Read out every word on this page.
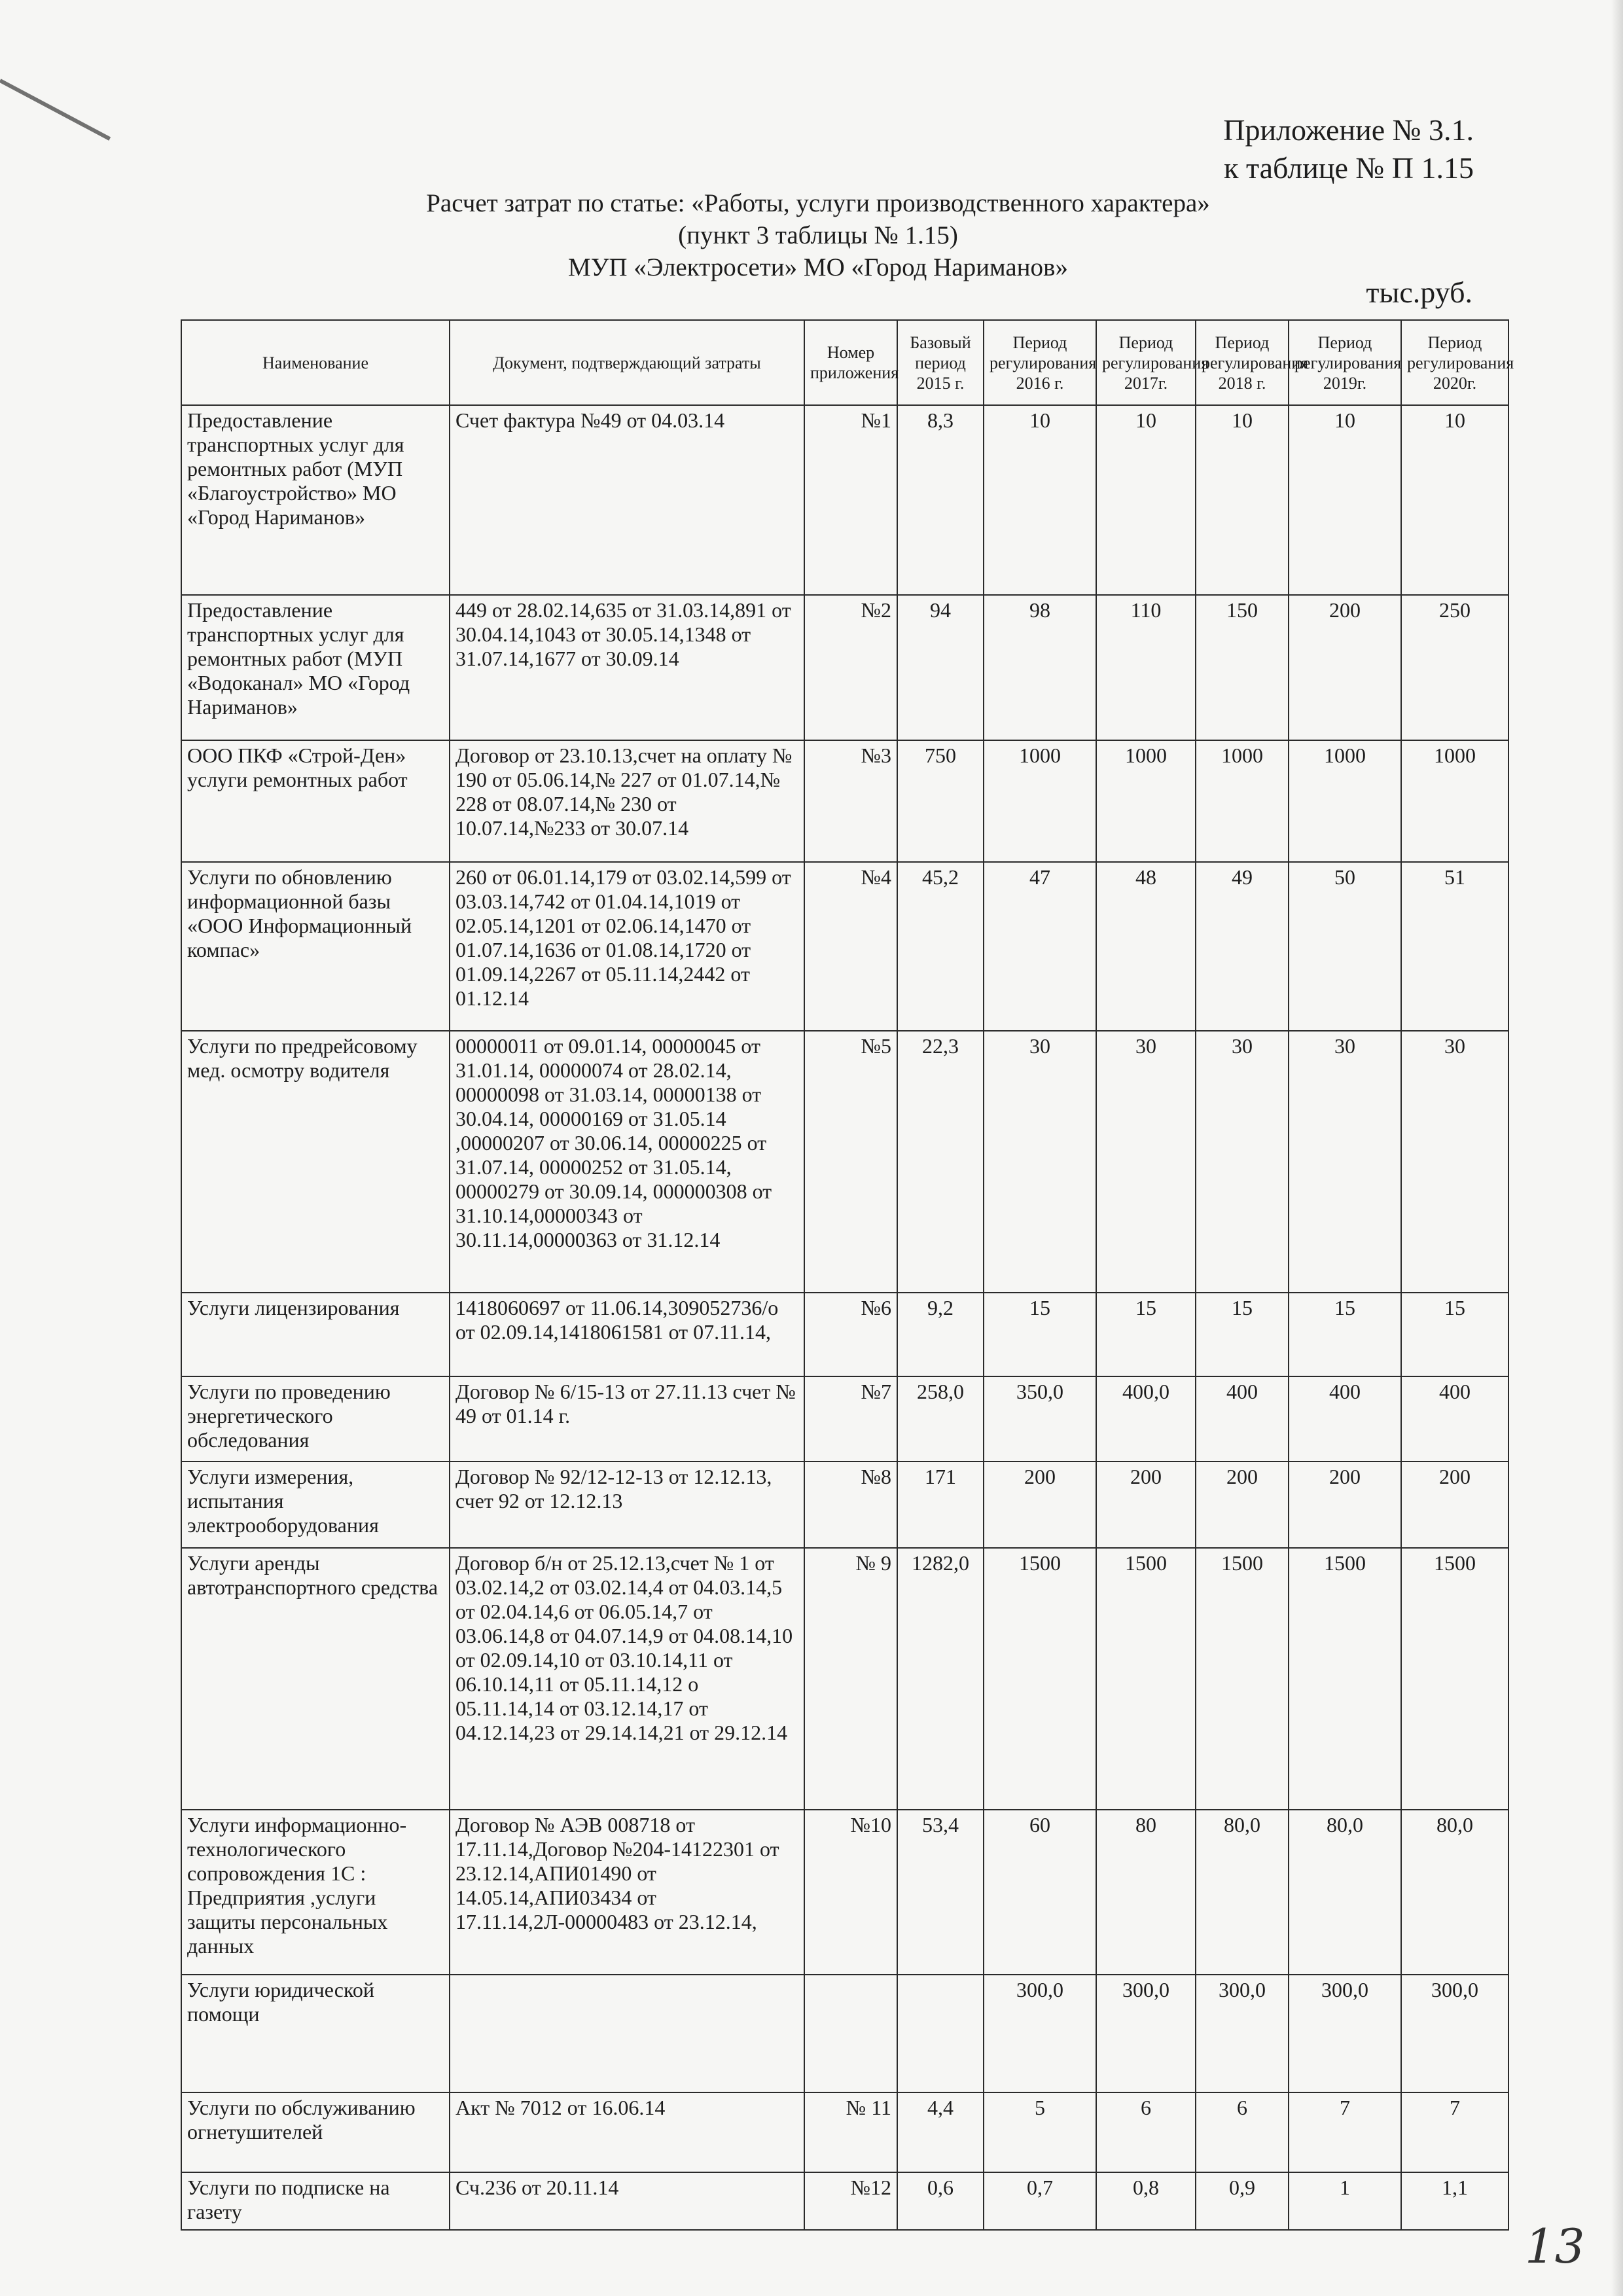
Приложение № 3.1.
к таблице № П 1.15
Расчет затрат по статье: «Работы, услуги производственного характера»
(пункт 3 таблицы № 1.15)
МУП «Электросети» МО «Город Нариманов»
тыс.руб.
Наименование	Документ, подтверждающий затраты	Номер приложения	Базовый период 2015 г.	Период регулирования 2016 г.	Период регулирования 2017г.	Период регулирования 2018 г.	Период регулирования 2019г.	Период регулирования 2020г.
Предоставление транспортных услуг для ремонтных работ (МУП «Благоустройство» МО «Город Нариманов»	Счет фактура №49 от 04.03.14	№1	8,3	10	10	10	10	10
Предоставление транспортных услуг для ремонтных работ (МУП «Водоканал» МО «Город Нариманов»	449 от 28.02.14,635 от 31.03.14,891 от 30.04.14,1043 от 30.05.14,1348 от 31.07.14,1677 от 30.09.14	№2	94	98	110	150	200	250
ООО ПКФ «Строй-Ден» услуги ремонтных работ	Договор от 23.10.13,счет на оплату № 190 от 05.06.14,№ 227 от 01.07.14,№ 228 от 08.07.14,№ 230 от 10.07.14,№233 от 30.07.14	№3	750	1000	1000	1000	1000	1000
Услуги по обновлению информационной базы «ООО Информационный компас»	260 от 06.01.14,179 от 03.02.14,599 от 03.03.14,742 от 01.04.14,1019 от 02.05.14,1201 от 02.06.14,1470 от 01.07.14,1636 от 01.08.14,1720 от 01.09.14,2267 от 05.11.14,2442 от 01.12.14	№4	45,2	47	48	49	50	51
Услуги по предрейсовому мед. осмотру водителя	00000011 от 09.01.14, 00000045 от 31.01.14, 00000074 от 28.02.14, 00000098 от 31.03.14, 00000138 от 30.04.14, 00000169 от 31.05.14 ,00000207 от 30.06.14, 00000225 от 31.07.14, 00000252 от 31.05.14, 00000279 от 30.09.14, 000000308 от 31.10.14,00000343 от 30.11.14,00000363 от 31.12.14	№5	22,3	30	30	30	30	30
Услуги лицензирования	1418060697 от 11.06.14,309052736/о от 02.09.14,1418061581 от 07.11.14,	№6	9,2	15	15	15	15	15
Услуги по проведению энергетического обследования	Договор № 6/15-13 от 27.11.13 счет № 49 от 01.14 г.	№7	258,0	350,0	400,0	400	400	400
Услуги измерения, испытания электрооборудования	Договор № 92/12-12-13 от 12.12.13, счет 92 от 12.12.13	№8	171	200	200	200	200	200
Услуги аренды автотранспортного средства	Договор б/н от 25.12.13,счет № 1 от 03.02.14,2 от 03.02.14,4 от 04.03.14,5 от 02.04.14,6 от 06.05.14,7 от 03.06.14,8 от 04.07.14,9 от 04.08.14,10 от 02.09.14,10 от 03.10.14,11 от 06.10.14,11 от 05.11.14,12 о 05.11.14,14 от 03.12.14,17 от 04.12.14,23 от 29.14.14,21 от 29.12.14	№ 9	1282,0	1500	1500	1500	1500	1500
Услуги информационно-технологического сопровождения 1С : Предприятия ,услуги защиты персональных данных	Договор № АЭВ 008718 от 17.11.14,Договор №204-14122301 от 23.12.14,АПИ01490 от 14.05.14,АПИ03434 от 17.11.14,2Л-00000483 от 23.12.14,	№10	53,4	60	80	80,0	80,0	80,0
Услуги юридической помощи				300,0	300,0	300,0	300,0	300,0
Услуги по обслуживанию огнетушителей	Акт № 7012 от 16.06.14	№ 11	4,4	5	6	6	7	7
Услуги по подписке на газету	Сч.236 от 20.11.14	№12	0,6	0,7	0,8	0,9	1	1,1
13
